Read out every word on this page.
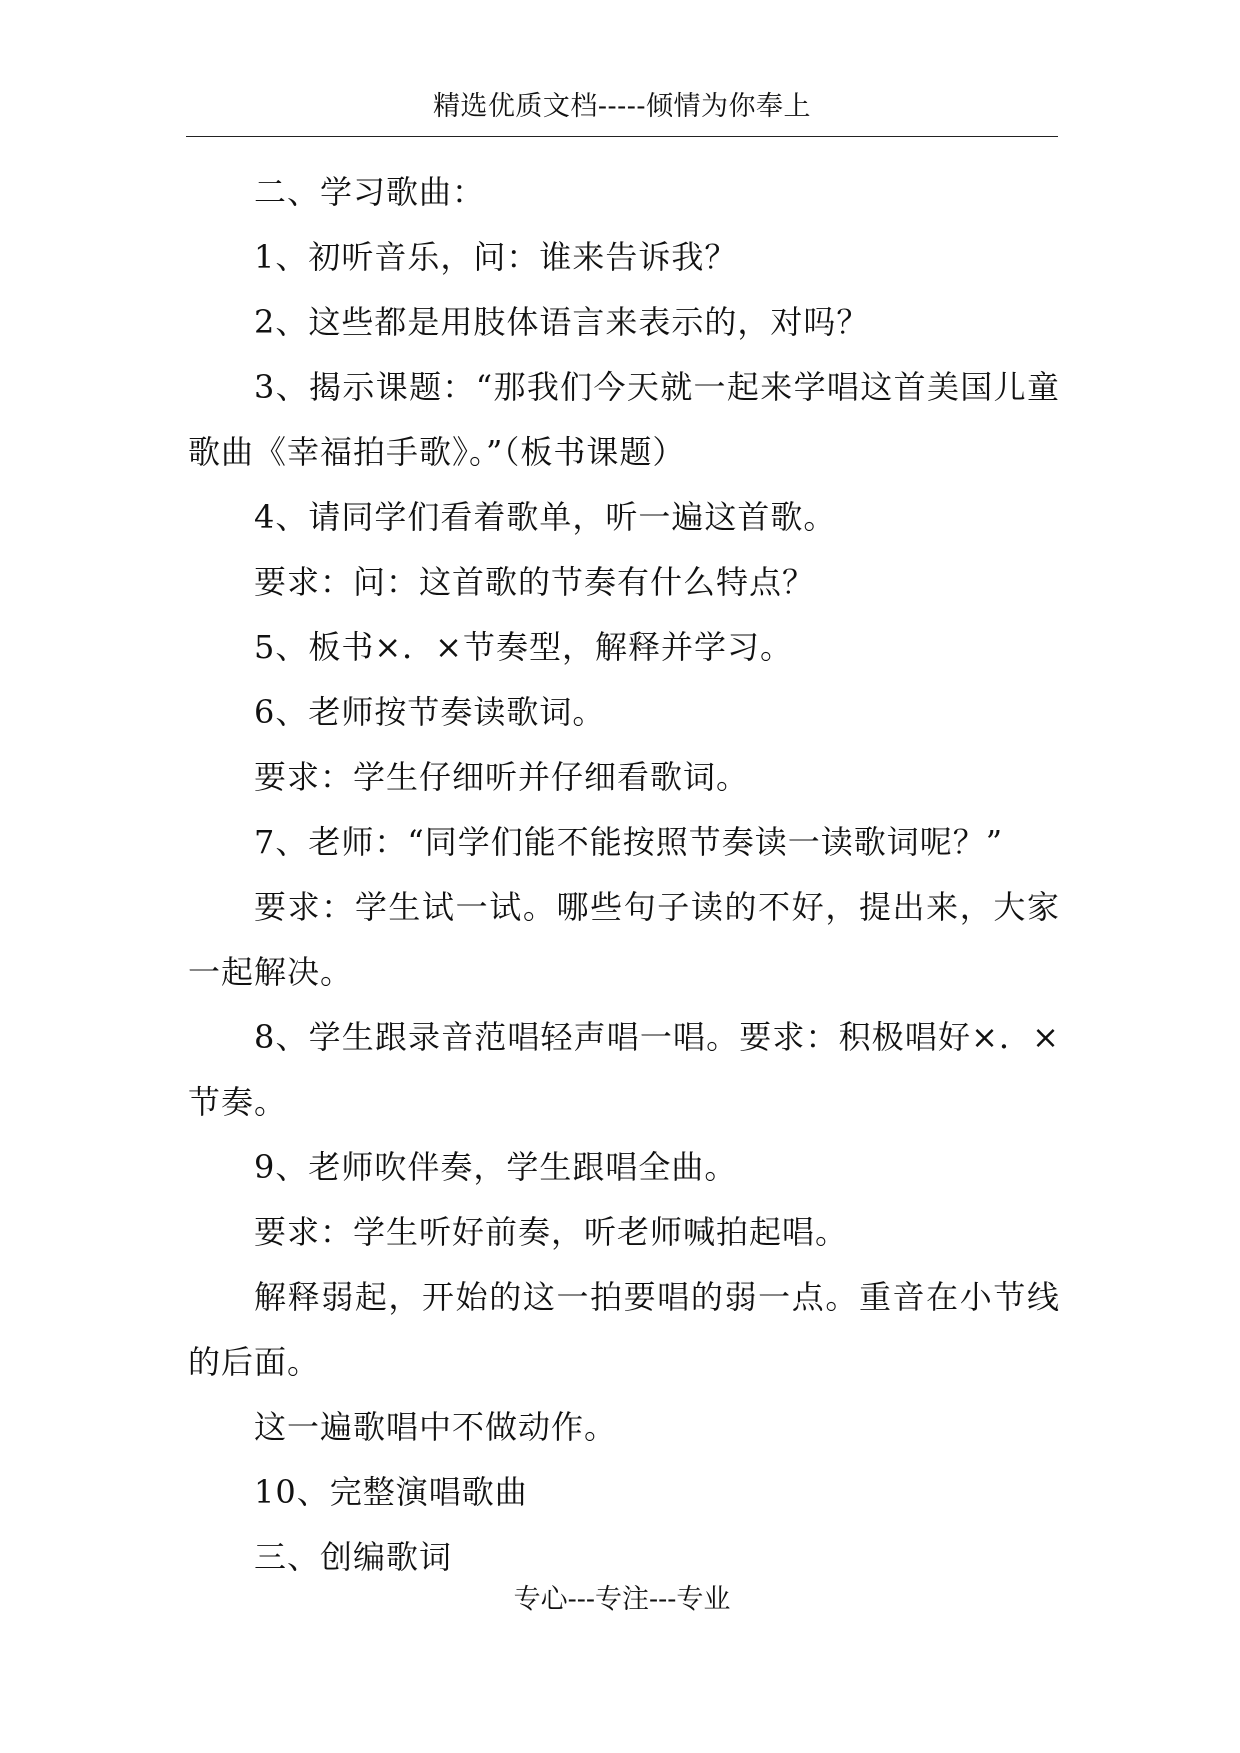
精选优质文档-----倾情为你奉上

二、学习歌曲：

1、初听音乐，问：谁来告诉我？

2、这些都是用肢体语言来表示的，对吗？

3、揭示课题：“那我们今天就一起来学唱这首美国儿童歌曲《幸福拍手歌》。”（板书课题）

4、请同学们看着歌单，听一遍这首歌。

要求：问：这首歌的节奏有什么特点？

5、板书×．×节奏型，解释并学习。

6、老师按节奏读歌词。

要求：学生仔细听并仔细看歌词。

7、老师：“同学们能不能按照节奏读一读歌词呢？”

要求：学生试一试。哪些句子读的不好，提出来，大家一起解决。

8、学生跟录音范唱轻声唱一唱。要求：积极唱好×．×节奏。

9、老师吹伴奏，学生跟唱全曲。

要求：学生听好前奏，听老师喊拍起唱。

解释弱起，开始的这一拍要唱的弱一点。重音在小节线的后面。

这一遍歌唱中不做动作。

10、完整演唱歌曲

三、创编歌词

专心---专注---专业
